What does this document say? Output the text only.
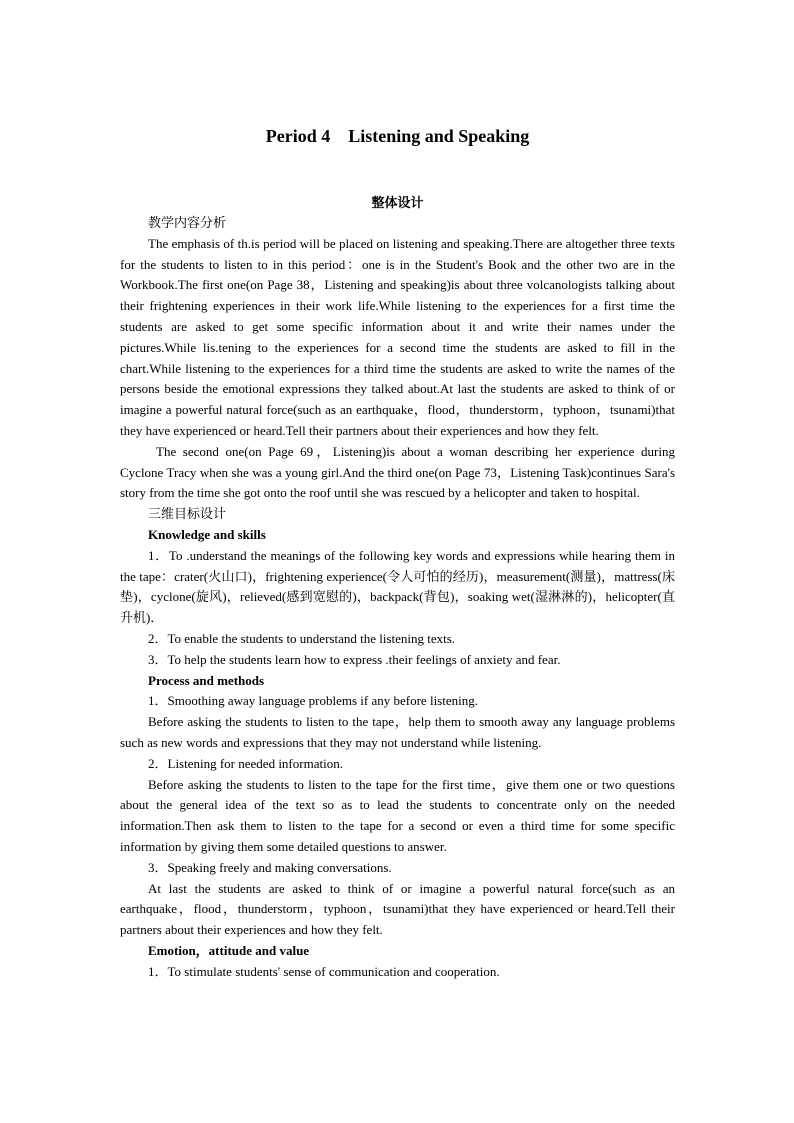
Period 4　Listening and Speaking
整体设计

教学内容分析

The emphasis of th.is period will be placed on listening and speaking.There are altogether three texts for the students to listen to in this period：one is in the Student's Book and the other two are in the Workbook.The first one(on Page 38，Listening and speaking)is about three volcanologists talking about their frightening experiences in their work life.While listening to the experiences for a first time the students are asked to get some specific information about it and write their names under the pictures.While lis.tening to the experiences for a second time the students are asked to fill in the chart.While listening to the experiences for a third time the students are asked to write the names of the persons beside the emotional expressions they talked about.At last the students are asked to think of or imagine a powerful natural force(such as an earthquake，flood，thunderstorm，typhoon，tsunami)that they have experienced or heard.Tell their partners about their experiences and how they felt.

The second one(on Page 69，Listening)is about a woman describing her experience during Cyclone Tracy when she was a young girl.And the third one(on Page 73，Listening Task)continues Sara's story from the time she got onto the roof until she was rescued by a helicopter and taken to hospital.

三维目标设计

Knowledge and skills

1．To .understand the meanings of the following key words and expressions while hearing them in the tape：crater(火山口)，frightening experience(令人可怕的经历)，measurement(测量)，mattress(床垫)，cyclone(旋风)，relieved(感到宽慰的)，backpack(背包)，soaking wet(湿淋淋的)，helicopter(直升机)．

2．To enable the students to understand the listening texts.

3．To help the students learn how to express .their feelings of anxiety and fear.

Process and methods

1．Smoothing away language problems if any before listening.

Before asking the students to listen to the tape，help them to smooth away any language problems such as new words and expressions that they may not understand while listening.

2．Listening for needed information.

Before asking the students to listen to the tape for the first time，give them one or two questions about the general idea of the text so as to lead the students to concentrate only on the needed information.Then ask them to listen to the tape for a second or even a third time for some specific information by giving them some detailed questions to answer.

3．Speaking freely and making conversations.

At last the students are asked to think of or imagine a powerful natural force(such as an earthquake，flood，thunderstorm，typhoon，tsunami)that they have experienced or heard.Tell their partners about their experiences and how they felt.

Emotion，attitude and value

1．To stimulate students' sense of communication and cooperation.
